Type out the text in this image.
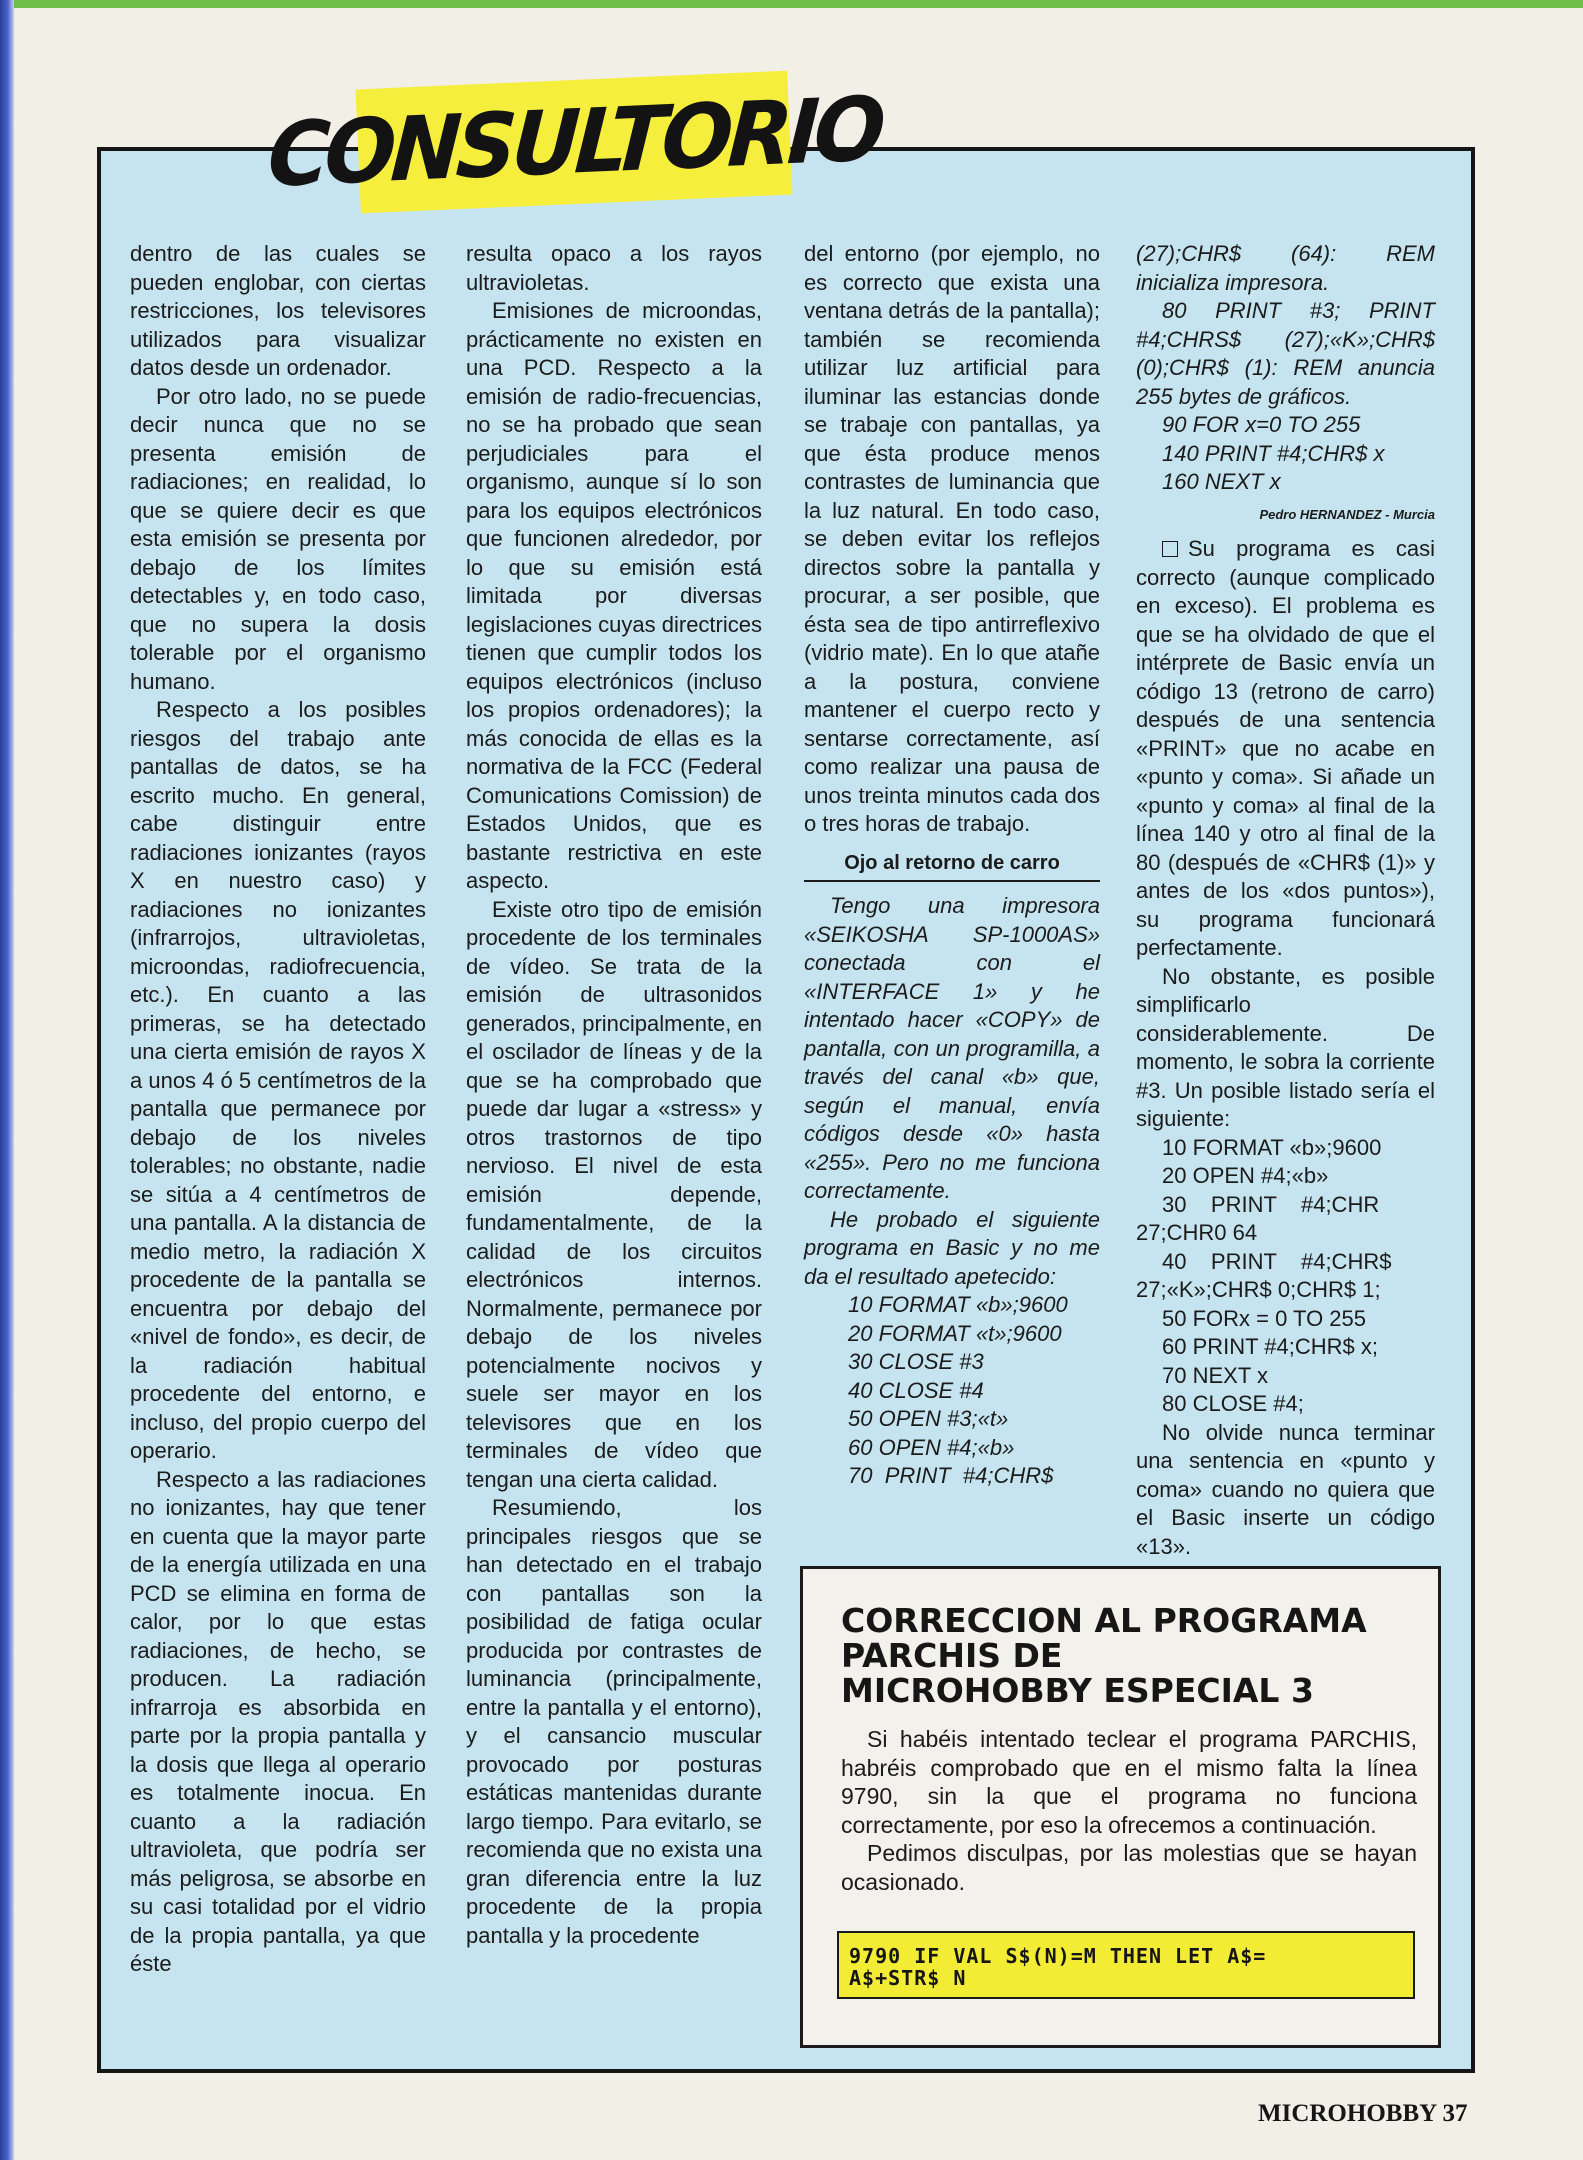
CONSULTORIO

dentro de las cuales se pueden englobar, con ciertas restricciones, los televisores utilizados para visualizar datos desde un ordenador.

Por otro lado, no se puede decir nunca que no se presenta emisión de radiaciones; en realidad, lo que se quiere decir es que esta emisión se presenta por debajo de los límites detectables y, en todo caso, que no supera la dosis tolerable por el organismo humano.

Respecto a los posibles riesgos del trabajo ante pantallas de datos, se ha escrito mucho. En general, cabe distinguir entre radiaciones ionizantes (rayos X en nuestro caso) y radiaciones no ionizantes (infrarrojos, ultravioletas, microondas, radiofrecuencia, etc.). En cuanto a las primeras, se ha detectado una cierta emisión de rayos X a unos 4 ó 5 centímetros de la pantalla que permanece por debajo de los niveles tolerables; no obstante, nadie se sitúa a 4 centímetros de una pantalla. A la distancia de medio metro, la radiación X procedente de la pantalla se encuentra por debajo del «nivel de fondo», es decir, de la radiación habitual procedente del entorno, e incluso, del propio cuerpo del operario.

Respecto a las radiaciones no ionizantes, hay que tener en cuenta que la mayor parte de la energía utilizada en una PCD se elimina en forma de calor, por lo que estas radiaciones, de hecho, se producen. La radiación infrarroja es absorbida en parte por la propia pantalla y la dosis que llega al operario es totalmente inocua. En cuanto a la radiación ultravioleta, que podría ser más peligrosa, se absorbe en su casi totalidad por el vidrio de la propia pantalla, ya que éste

resulta opaco a los rayos ultravioletas.

Emisiones de microondas, prácticamente no existen en una PCD. Respecto a la emisión de radio-frecuencias, no se ha probado que sean perjudiciales para el organismo, aunque sí lo son para los equipos electrónicos que funcionen alrededor, por lo que su emisión está limitada por diversas legislaciones cuyas directrices tienen que cumplir todos los equipos electrónicos (incluso los propios ordenadores); la más conocida de ellas es la normativa de la FCC (Federal Comunications Comission) de Estados Unidos, que es bastante restrictiva en este aspecto.

Existe otro tipo de emisión procedente de los terminales de vídeo. Se trata de la emisión de ultrasonidos generados, principalmente, en el oscilador de líneas y de la que se ha comprobado que puede dar lugar a «stress» y otros trastornos de tipo nervioso. El nivel de esta emisión depende, fundamentalmente, de la calidad de los circuitos electrónicos internos. Normalmente, permanece por debajo de los niveles potencialmente nocivos y suele ser mayor en los televisores que en los terminales de vídeo que tengan una cierta calidad.

Resumiendo, los principales riesgos que se han detectado en el trabajo con pantallas son la posibilidad de fatiga ocular producida por contrastes de luminancia (principalmente, entre la pantalla y el entorno), y el cansancio muscular provocado por posturas estáticas mantenidas durante largo tiempo. Para evitarlo, se recomienda que no exista una gran diferencia entre la luz procedente de la propia pantalla y la procedente

del entorno (por ejemplo, no es correcto que exista una ventana detrás de la pantalla); también se recomienda utilizar luz artificial para iluminar las estancias donde se trabaje con pantallas, ya que ésta produce menos contrastes de luminancia que la luz natural. En todo caso, se deben evitar los reflejos directos sobre la pantalla y procurar, a ser posible, que ésta sea de tipo antirreflexivo (vidrio mate). En lo que atañe a la postura, conviene mantener el cuerpo recto y sentarse correctamente, así como realizar una pausa de unos treinta minutos cada dos o tres horas de trabajo.

Ojo al retorno de carro

Tengo una impresora «SEIKOSHA SP-1000AS» conectada con el «INTERFACE 1» y he intentado hacer «COPY» de pantalla, con un programilla, a través del canal «b» que, según el manual, envía códigos desde «0» hasta «255». Pero no me funciona correctamente.

He probado el siguiente programa en Basic y no me da el resultado apetecido:

10 FORMAT «b»;9600
20 FORMAT «t»;9600
30 CLOSE #3
40 CLOSE #4
50 OPEN #3;«t»
60 OPEN #4;«b»
70  PRINT  #4;CHR$

(27);CHR$ (64): REM inicializa impresora.

80 PRINT #3; PRINT #4;CHRS$ (27);«K»;CHR$ (0);CHR$ (1): REM anuncia 255 bytes de gráficos.

90 FOR x=0 TO 255
140 PRINT #4;CHR$ x
160 NEXT x
Pedro HERNANDEZ - Murcia

Su programa es casi correcto (aunque complicado en exceso). El problema es que se ha olvidado de que el intérprete de Basic envía un código 13 (retrono de carro) después de una sentencia «PRINT» que no acabe en «punto y coma». Si añade un «punto y coma» al final de la línea 140 y otro al final de la 80 (después de «CHR$ (1)» y antes de los «dos puntos»), su programa funcionará perfectamente.

No obstante, es posible simplificarlo considerablemente. De momento, le sobra la corriente #3. Un posible listado sería el siguiente:

10 FORMAT «b»;9600
20 OPEN #4;«b»
30    PRINT    #4;CHR
27;CHR0 64
40    PRINT    #4;CHR$
27;«K»;CHR$ 0;CHR$ 1;
50 FORx = 0 TO 255
60 PRINT #4;CHR$ x;
70 NEXT x
80 CLOSE #4;

No olvide nunca terminar una sentencia en «punto y coma» cuando no quiera que el Basic inserte un código «13».

CORRECCION AL PROGRAMA
PARCHIS DE
MICROHOBBY ESPECIAL 3

Si habéis intentado teclear el programa PARCHIS, habréis comprobado que en el mismo falta la línea 9790, sin la que el programa no funciona correctamente, por eso la ofrecemos a continuación.

Pedimos disculpas, por las molestias que se hayan ocasionado.

9790 IF VAL S$(N)=M THEN LET A$=
A$+STR$ N
MICROHOBBY 37
